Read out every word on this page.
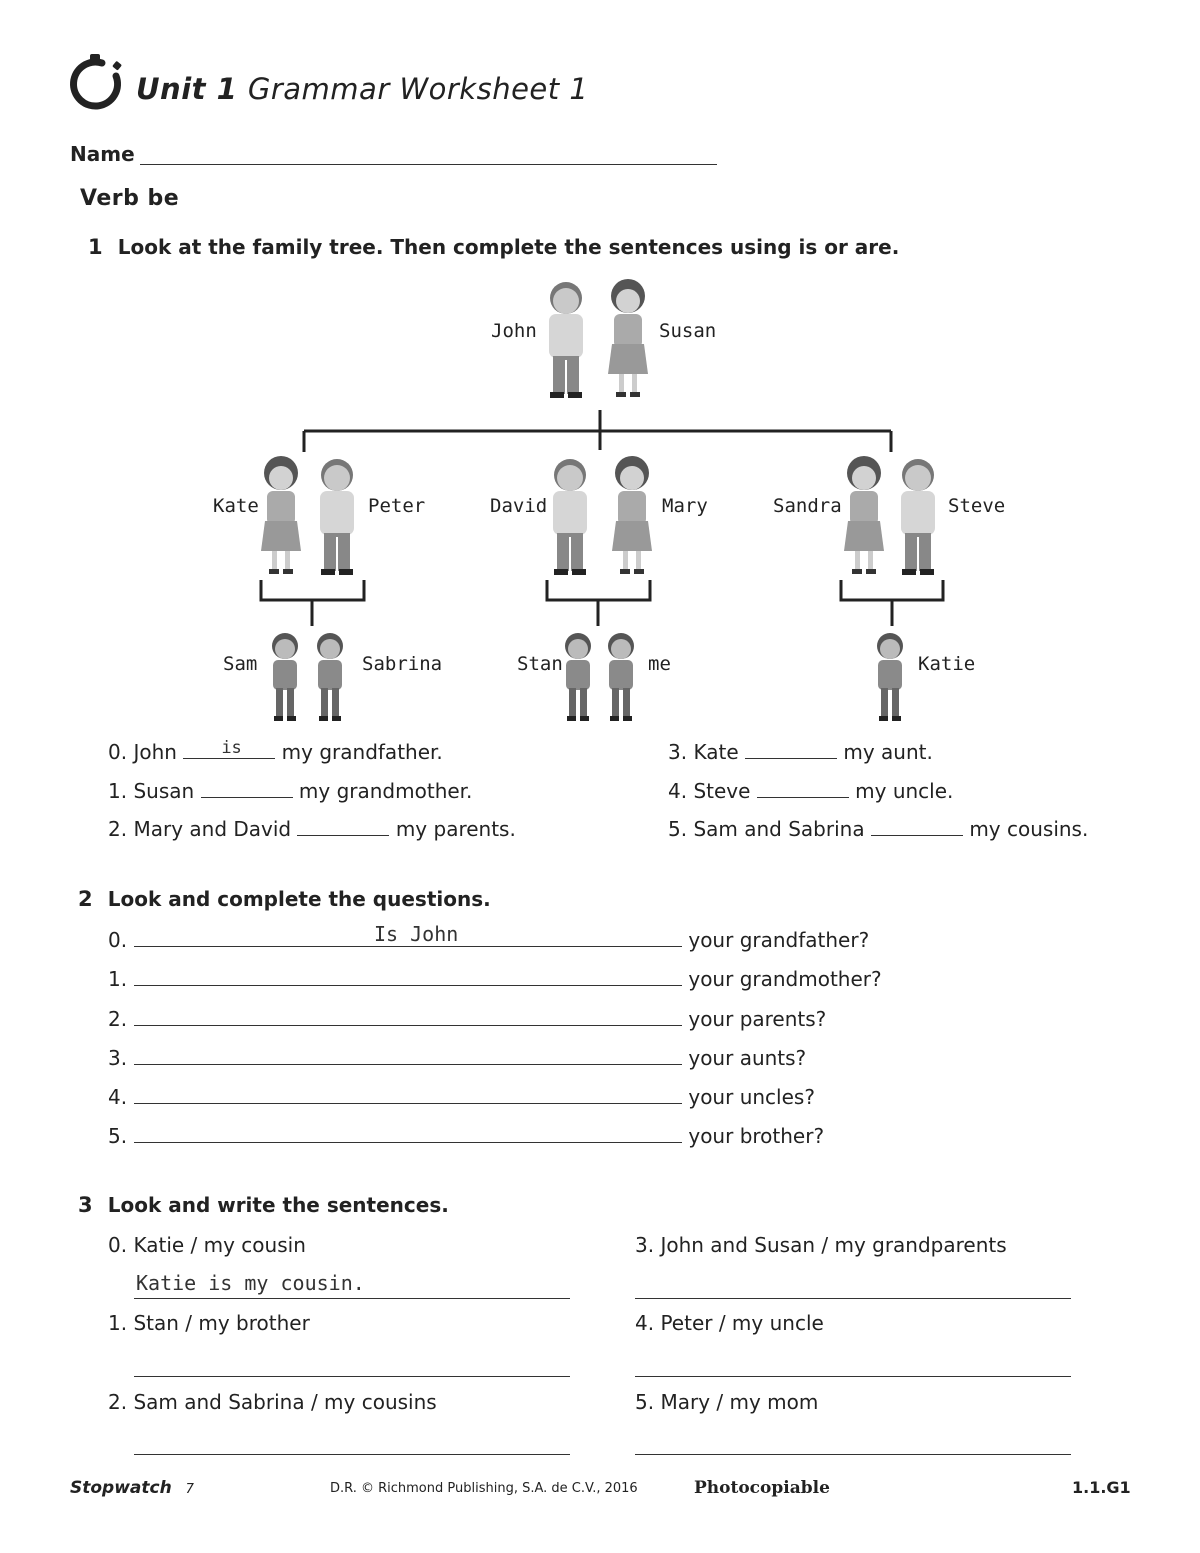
Unit 1 Grammar Worksheet 1
Name
Verb be
1 Look at the family tree. Then complete the sentences using is or are.
John	Susan
Kate	Peter	David	Mary	Sandra	Steve
Sam	Sabrina	Stan	me	Katie
0. John	is my grandfather.
1. Susan	my grandmother.
2. Mary and David	my parents.
3. Kate	my aunt.
4. Steve	my uncle.
5. Sam and Sabrina	my cousins.
2 Look and complete the questions.
0.	Is John	your grandfather?
1.	your grandmother?
2.	your parents?
3.	your aunts?
4.	your uncles?
5.	your brother?
3 Look and write the sentences.
0. Katie / my cousin
Katie is my cousin.
1. Stan / my brother
2. Sam and Sabrina / my cousins
3. John and Susan / my grandparents
4. Peter / my uncle
5. Mary / my mom
Stopwatch 7	D.R. © Richmond Publishing, S.A. de C.V., 2016	Photocopiable	1.1.G1
